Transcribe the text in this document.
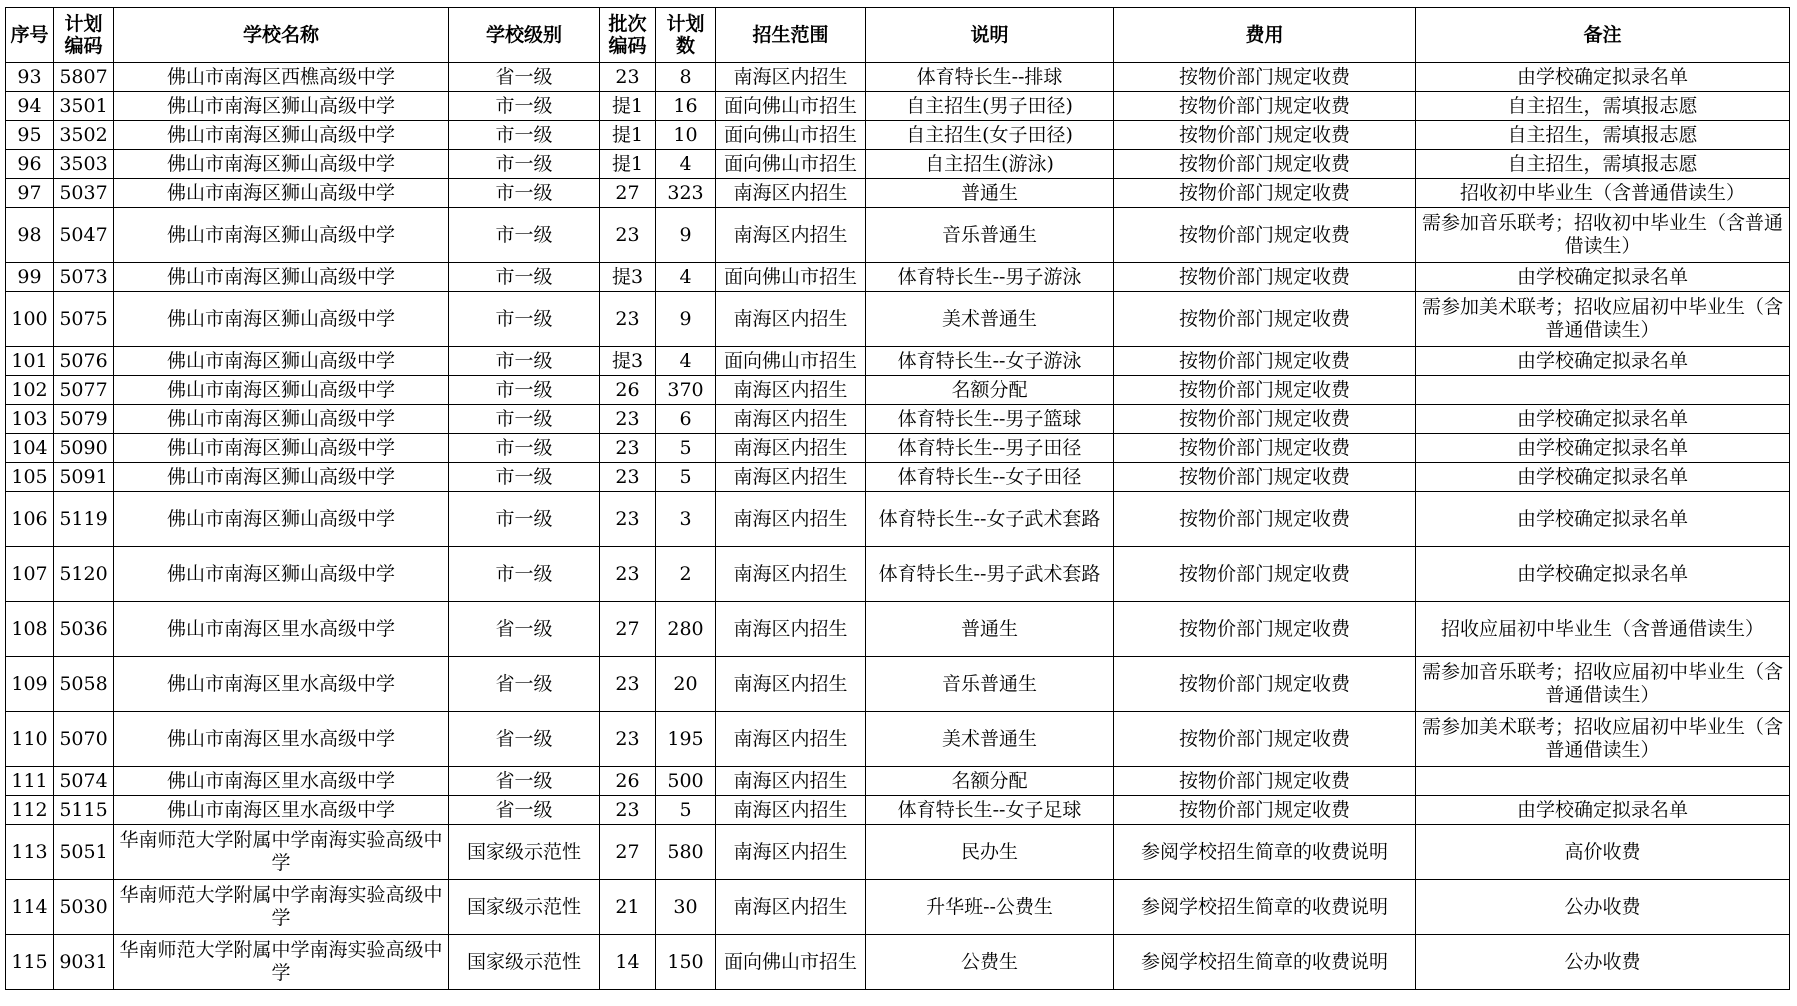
序号	计划编码	学校名称	学校级别	批次编码	计划数	招生范围	说明	费用	备注
93	5807	佛山市南海区西樵高级中学	省一级	23	8	南海区内招生	体育特长生--排球	按物价部门规定收费	由学校确定拟录名单
94	3501	佛山市南海区狮山高级中学	市一级	提1	16	面向佛山市招生	自主招生(男子田径)	按物价部门规定收费	自主招生，需填报志愿
95	3502	佛山市南海区狮山高级中学	市一级	提1	10	面向佛山市招生	自主招生(女子田径)	按物价部门规定收费	自主招生，需填报志愿
96	3503	佛山市南海区狮山高级中学	市一级	提1	4	面向佛山市招生	自主招生(游泳)	按物价部门规定收费	自主招生，需填报志愿
97	5037	佛山市南海区狮山高级中学	市一级	27	323	南海区内招生	普通生	按物价部门规定收费	招收初中毕业生（含普通借读生）
98	5047	佛山市南海区狮山高级中学	市一级	23	9	南海区内招生	音乐普通生	按物价部门规定收费	需参加音乐联考；招收初中毕业生（含普通借读生）
99	5073	佛山市南海区狮山高级中学	市一级	提3	4	面向佛山市招生	体育特长生--男子游泳	按物价部门规定收费	由学校确定拟录名单
100	5075	佛山市南海区狮山高级中学	市一级	23	9	南海区内招生	美术普通生	按物价部门规定收费	需参加美术联考；招收应届初中毕业生（含普通借读生）
101	5076	佛山市南海区狮山高级中学	市一级	提3	4	面向佛山市招生	体育特长生--女子游泳	按物价部门规定收费	由学校确定拟录名单
102	5077	佛山市南海区狮山高级中学	市一级	26	370	南海区内招生	名额分配	按物价部门规定收费	
103	5079	佛山市南海区狮山高级中学	市一级	23	6	南海区内招生	体育特长生--男子篮球	按物价部门规定收费	由学校确定拟录名单
104	5090	佛山市南海区狮山高级中学	市一级	23	5	南海区内招生	体育特长生--男子田径	按物价部门规定收费	由学校确定拟录名单
105	5091	佛山市南海区狮山高级中学	市一级	23	5	南海区内招生	体育特长生--女子田径	按物价部门规定收费	由学校确定拟录名单
106	5119	佛山市南海区狮山高级中学	市一级	23	3	南海区内招生	体育特长生--女子武术套路	按物价部门规定收费	由学校确定拟录名单
107	5120	佛山市南海区狮山高级中学	市一级	23	2	南海区内招生	体育特长生--男子武术套路	按物价部门规定收费	由学校确定拟录名单
108	5036	佛山市南海区里水高级中学	省一级	27	280	南海区内招生	普通生	按物价部门规定收费	招收应届初中毕业生（含普通借读生）
109	5058	佛山市南海区里水高级中学	省一级	23	20	南海区内招生	音乐普通生	按物价部门规定收费	需参加音乐联考；招收应届初中毕业生（含普通借读生）
110	5070	佛山市南海区里水高级中学	省一级	23	195	南海区内招生	美术普通生	按物价部门规定收费	需参加美术联考；招收应届初中毕业生（含普通借读生）
111	5074	佛山市南海区里水高级中学	省一级	26	500	南海区内招生	名额分配	按物价部门规定收费	
112	5115	佛山市南海区里水高级中学	省一级	23	5	南海区内招生	体育特长生--女子足球	按物价部门规定收费	由学校确定拟录名单
113	5051	华南师范大学附属中学南海实验高级中学	国家级示范性	27	580	南海区内招生	民办生	参阅学校招生简章的收费说明	高价收费
114	5030	华南师范大学附属中学南海实验高级中学	国家级示范性	21	30	南海区内招生	升华班--公费生	参阅学校招生简章的收费说明	公办收费
115	9031	华南师范大学附属中学南海实验高级中学	国家级示范性	14	150	面向佛山市招生	公费生	参阅学校招生简章的收费说明	公办收费
